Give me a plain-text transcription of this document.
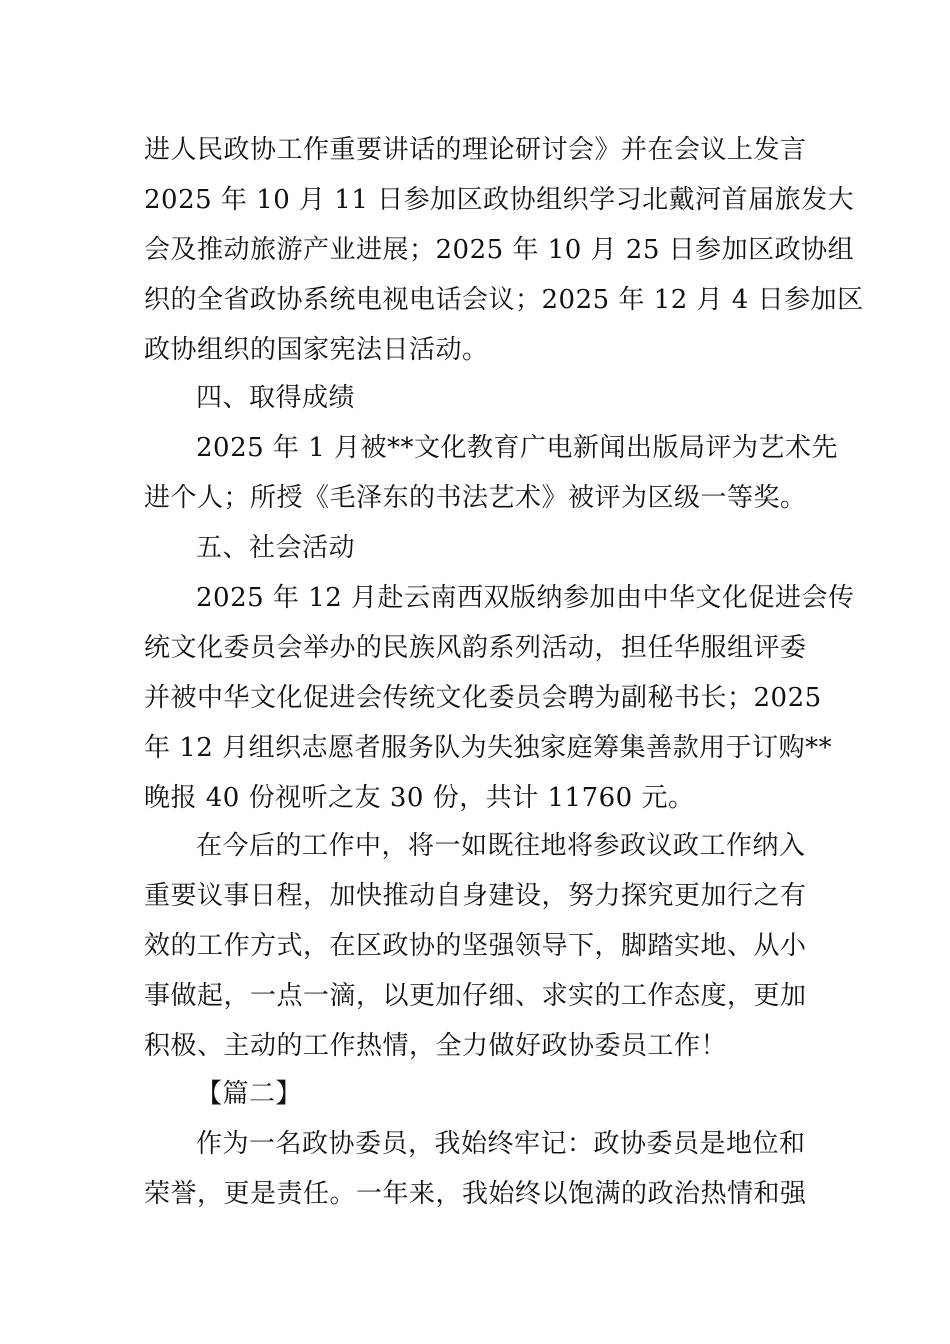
进人民政协工作重要讲话的理论研讨会》并在会议上发言
2025 年 10 月 11 日参加区政协组织学习北戴河首届旅发大
会及推动旅游产业进展；2025 年 10 月 25 日参加区政协组
织的全省政协系统电视电话会议；2025 年 12 月 4 日参加区
政协组织的国家宪法日活动。
四、取得成绩
2025 年 1 月被**文化教育广电新闻出版局评为艺术先
进个人；所授《毛泽东的书法艺术》被评为区级一等奖。
五、社会活动
2025 年 12 月赴云南西双版纳参加由中华文化促进会传
统文化委员会举办的民族风韵系列活动，担任华服组评委
并被中华文化促进会传统文化委员会聘为副秘书长；2025
年 12 月组织志愿者服务队为失独家庭筹集善款用于订购**
晚报 40 份视听之友 30 份，共计 11760 元。
在今后的工作中，将一如既往地将参政议政工作纳入
重要议事日程，加快推动自身建设，努力探究更加行之有
效的工作方式，在区政协的坚强领导下，脚踏实地、从小
事做起，一点一滴，以更加仔细、求实的工作态度，更加
积极、主动的工作热情，全力做好政协委员工作！
【篇二】
作为一名政协委员，我始终牢记：政协委员是地位和
荣誉，更是责任。一年来，我始终以饱满的政治热情和强
